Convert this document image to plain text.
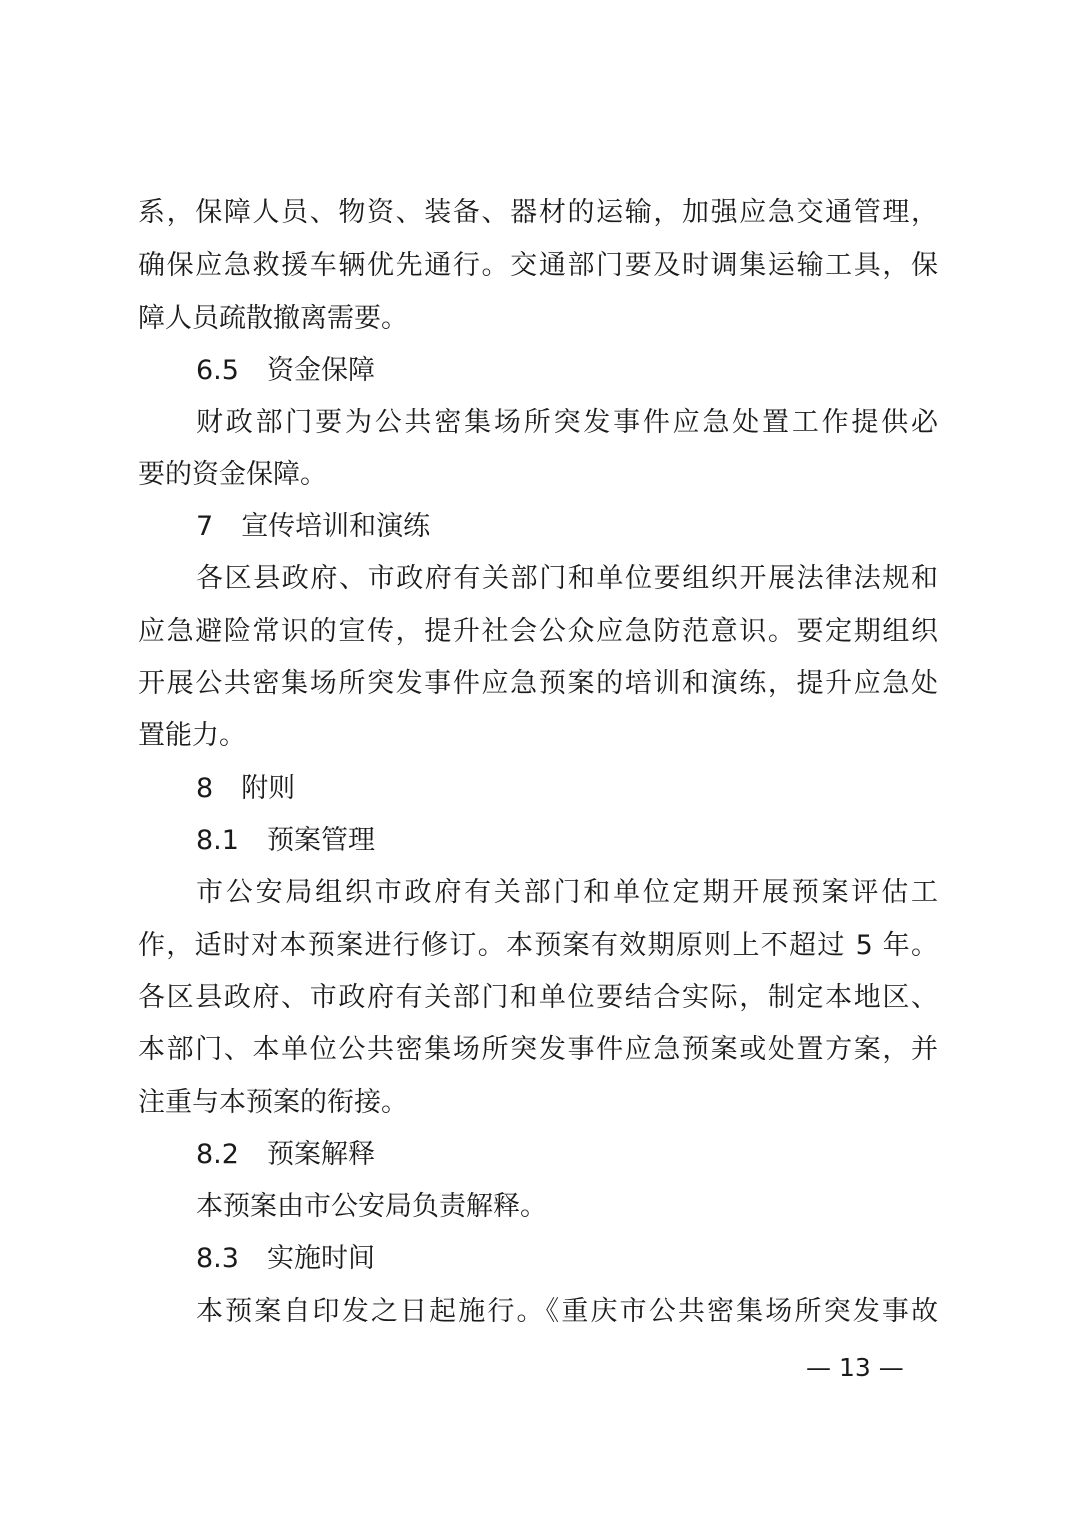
系，保障人员、物资、装备、器材的运输，加强应急交通管理，
确保应急救援车辆优先通行。交通部门要及时调集运输工具，保
障人员疏散撤离需要。
6.5 资金保障
财政部门要为公共密集场所突发事件应急处置工作提供必
要的资金保障。
7 宣传培训和演练
各区县政府、市政府有关部门和单位要组织开展法律法规和
应急避险常识的宣传，提升社会公众应急防范意识。要定期组织
开展公共密集场所突发事件应急预案的培训和演练，提升应急处
置能力。
8 附则
8.1 预案管理
市公安局组织市政府有关部门和单位定期开展预案评估工
作，适时对本预案进行修订。本预案有效期原则上不超过 5 年。
各区县政府、市政府有关部门和单位要结合实际，制定本地区、
本部门、本单位公共密集场所突发事件应急预案或处置方案，并
注重与本预案的衔接。
8.2 预案解释
本预案由市公安局负责解释。
8.3 实施时间
本预案自印发之日起施行。《重庆市公共密集场所突发事故
— 13 —
